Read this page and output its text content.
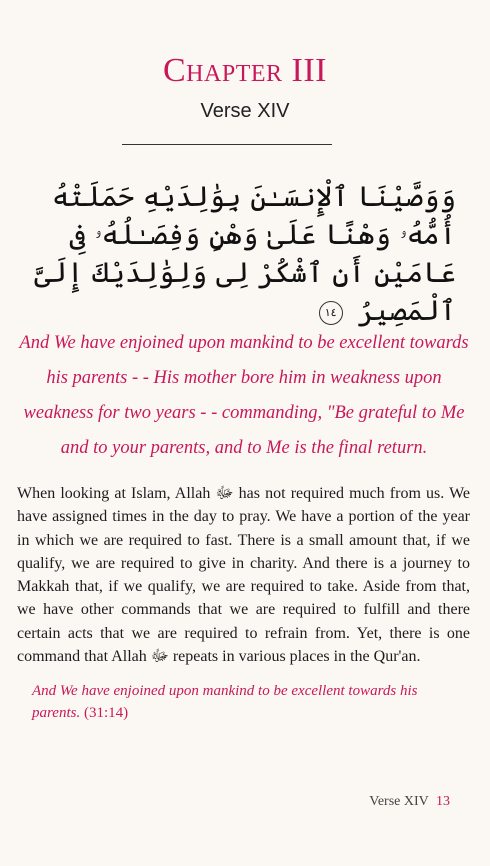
Chapter III
Verse XIV
وَوَصَّيْنَا ٱلْإِنسَـٰنَ بِوَٰلِدَيْهِ حَمَلَتْهُ أُمُّهُۥ وَهْنًا عَلَىٰ وَهْنٍ وَفِصَـٰلُهُۥ فِى عَامَيْنِ أَنِ ٱشْكُرْ لِى وَلِوَٰلِدَيْكَ إِلَىَّ ٱلْمَصِيرُ ١٤
And We have enjoined upon mankind to be excellent towards his parents - - His mother bore him in weakness upon weakness for two years - - commanding, "Be grateful to Me and to your parents, and to Me is the final return.
When looking at Islam, Allah ﷻ has not required much from us. We have assigned times in the day to pray. We have a portion of the year in which we are required to fast. There is a small amount that, if we qualify, we are required to give in charity. And there is a journey to Makkah that, if we qualify, we are required to take. Aside from that, we have other commands that we are required to fulfill and there certain acts that we are required to refrain from. Yet, there is one command that Allah ﷻ repeats in various places in the Qur'an.
And We have enjoined upon mankind to be excellent towards his parents. (31:14)
Verse XIV 13
